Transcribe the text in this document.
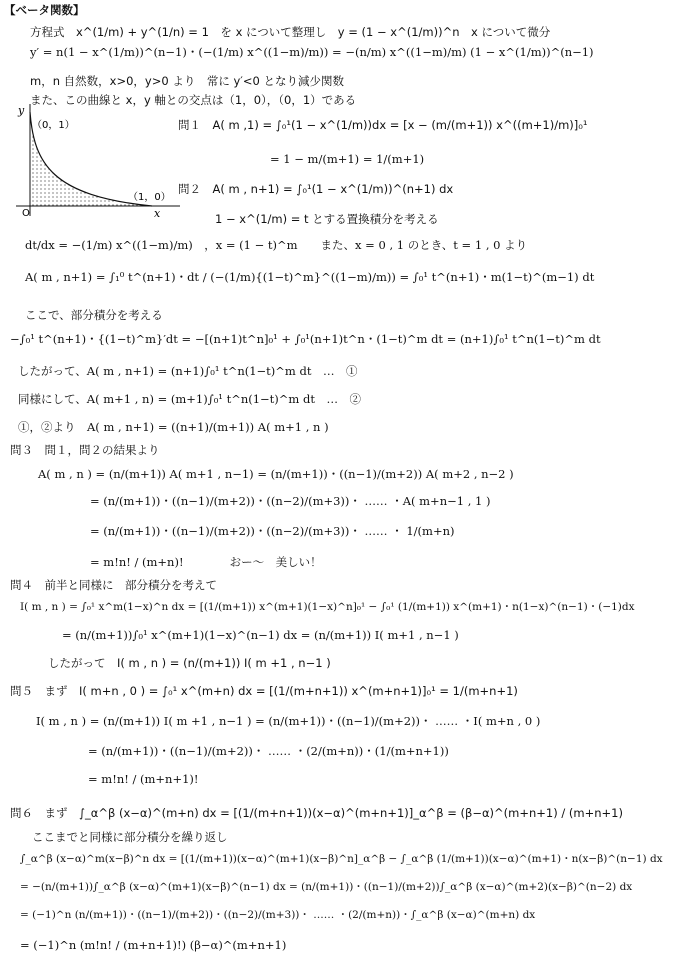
【ベータ関数】
方程式　x^(1/m) + y^(1/n) = 1　を x について整理し　y = (1 − x^(1/m))^n　x について微分
y′ = n(1 − x^(1/m))^(n−1)・(−(1/m) x^((1−m)/m)) = −(n/m) x^((1−m)/m) (1 − x^(1/m))^(n−1)
m，n 自然数，x>0，y>0 より　常に y′<0 となり減少関数
また、この曲線と x，y 軸との交点は（1，0），（0，1）である
y
x
O
（0，1）
（1，0）
問１　A( m ,1) = ∫₀¹(1 − x^(1/m))dx = [x − (m/(m+1)) x^((m+1)/m)]₀¹
= 1 − m/(m+1) = 1/(m+1)
問２　A( m , n+1) = ∫₀¹(1 − x^(1/m))^(n+1) dx
1 − x^(1/m) = t とする置換積分を考える
dt/dx = −(1/m) x^((1−m)/m)　，x = (1 − t)^m　　また、x = 0 , 1 のとき、t = 1 , 0 より
A( m , n+1) = ∫₁⁰ t^(n+1)・dt / (−(1/m){(1−t)^m}^((1−m)/m)) = ∫₀¹ t^(n+1)・m(1−t)^(m−1) dt
ここで、部分積分を考える
−∫₀¹ t^(n+1)・{(1−t)^m}′dt = −[(n+1)t^n]₀¹ + ∫₀¹(n+1)t^n・(1−t)^m dt = (n+1)∫₀¹ t^n(1−t)^m dt
したがって、A( m , n+1) = (n+1)∫₀¹ t^n(1−t)^m dt　…　①
同様にして、A( m+1 , n) = (m+1)∫₀¹ t^n(1−t)^m dt　…　②
①，②より　A( m , n+1) = ((n+1)/(m+1)) A( m+1 , n )
問３　問１，問２の結果より
A( m , n ) = (n/(m+1)) A( m+1 , n−1) = (n/(m+1))・((n−1)/(m+2)) A( m+2 , n−2 )
= (n/(m+1))・((n−1)/(m+2))・((n−2)/(m+3))・ …… ・A( m+n−1 , 1 )
= (n/(m+1))・((n−1)/(m+2))・((n−2)/(m+3))・ …… ・ 1/(m+n)
= m!n! / (m+n)!　　　　おー～　美しい！
問４　前半と同様に　部分積分を考えて
I( m , n ) = ∫₀¹ x^m(1−x)^n dx = [(1/(m+1)) x^(m+1)(1−x)^n]₀¹ − ∫₀¹ (1/(m+1)) x^(m+1)・n(1−x)^(n−1)・(−1)dx
= (n/(m+1))∫₀¹ x^(m+1)(1−x)^(n−1) dx = (n/(m+1)) I( m+1 , n−1 )
したがって　I( m , n ) = (n/(m+1)) I( m +1 , n−1 )
問５　まず　I( m+n , 0 ) = ∫₀¹ x^(m+n) dx = [(1/(m+n+1)) x^(m+n+1)]₀¹ = 1/(m+n+1)
I( m , n ) = (n/(m+1)) I( m +1 , n−1 ) = (n/(m+1))・((n−1)/(m+2))・ …… ・I( m+n , 0 )
= (n/(m+1))・((n−1)/(m+2))・ …… ・(2/(m+n))・(1/(m+n+1))
= m!n! / (m+n+1)!
問６　まず　∫_α^β (x−α)^(m+n) dx = [(1/(m+n+1))(x−α)^(m+n+1)]_α^β = (β−α)^(m+n+1) / (m+n+1)
ここまでと同様に部分積分を繰り返し
∫_α^β (x−α)^m(x−β)^n dx = [(1/(m+1))(x−α)^(m+1)(x−β)^n]_α^β − ∫_α^β (1/(m+1))(x−α)^(m+1)・n(x−β)^(n−1) dx
= −(n/(m+1))∫_α^β (x−α)^(m+1)(x−β)^(n−1) dx = (n/(m+1))・((n−1)/(m+2))∫_α^β (x−α)^(m+2)(x−β)^(n−2) dx
= (−1)^n (n/(m+1))・((n−1)/(m+2))・((n−2)/(m+3))・ …… ・(2/(m+n))・∫_α^β (x−α)^(m+n) dx
= (−1)^n (m!n! / (m+n+1)!) (β−α)^(m+n+1)
